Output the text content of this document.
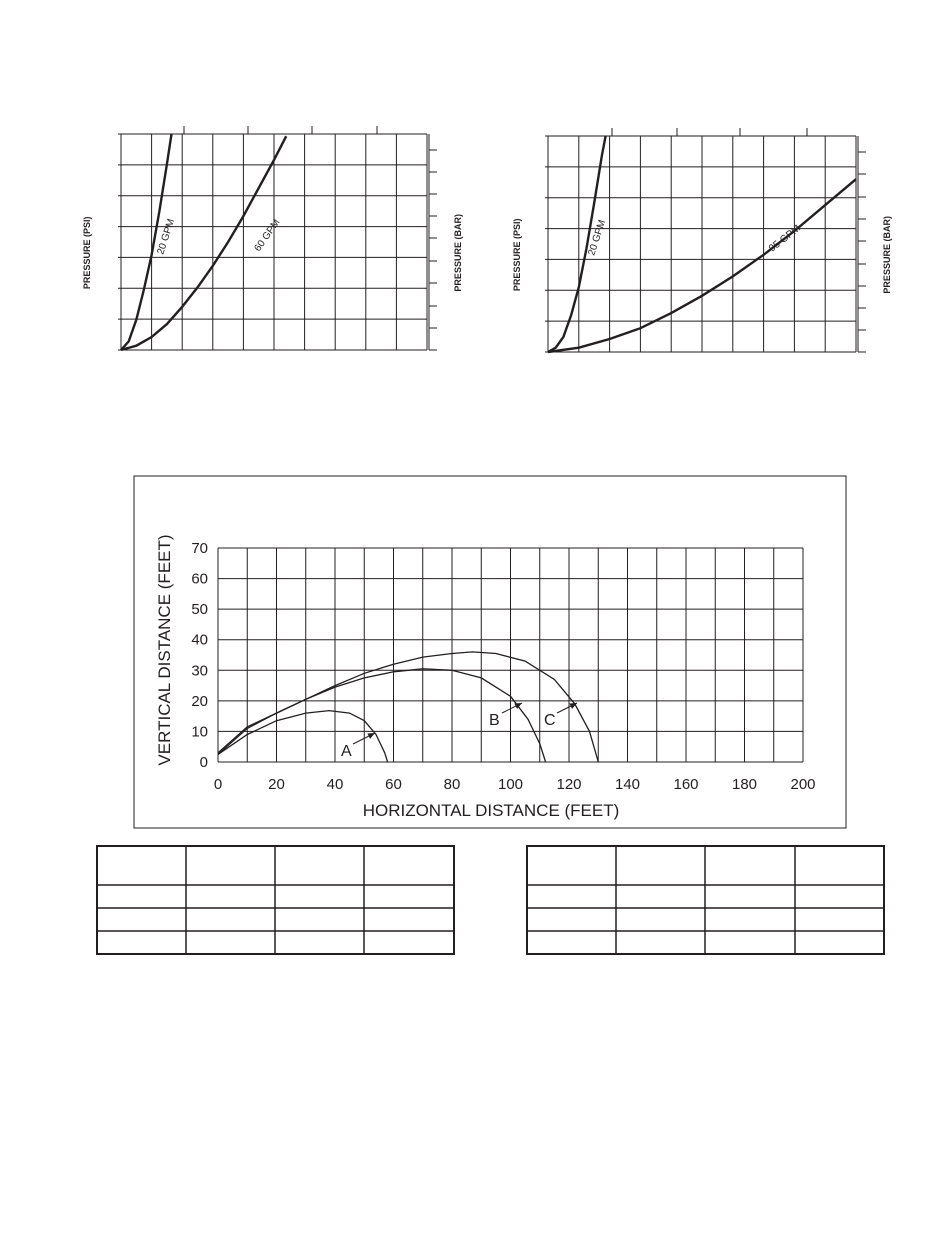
PRESSURE (PSI)	PRESSURE (BAR)
20 GPM	60 GPM	PRESSURE (PSI)	PRESSURE (BAR)
20 GPM	95 GPM
0	20	40	60	80	100 120 140 160 180 200
0
10
20
30
40
50
60
70
HORIZONTAL DISTANCE (FEET)
VERTICAL DISTANCE (FEET)	A
B	C
